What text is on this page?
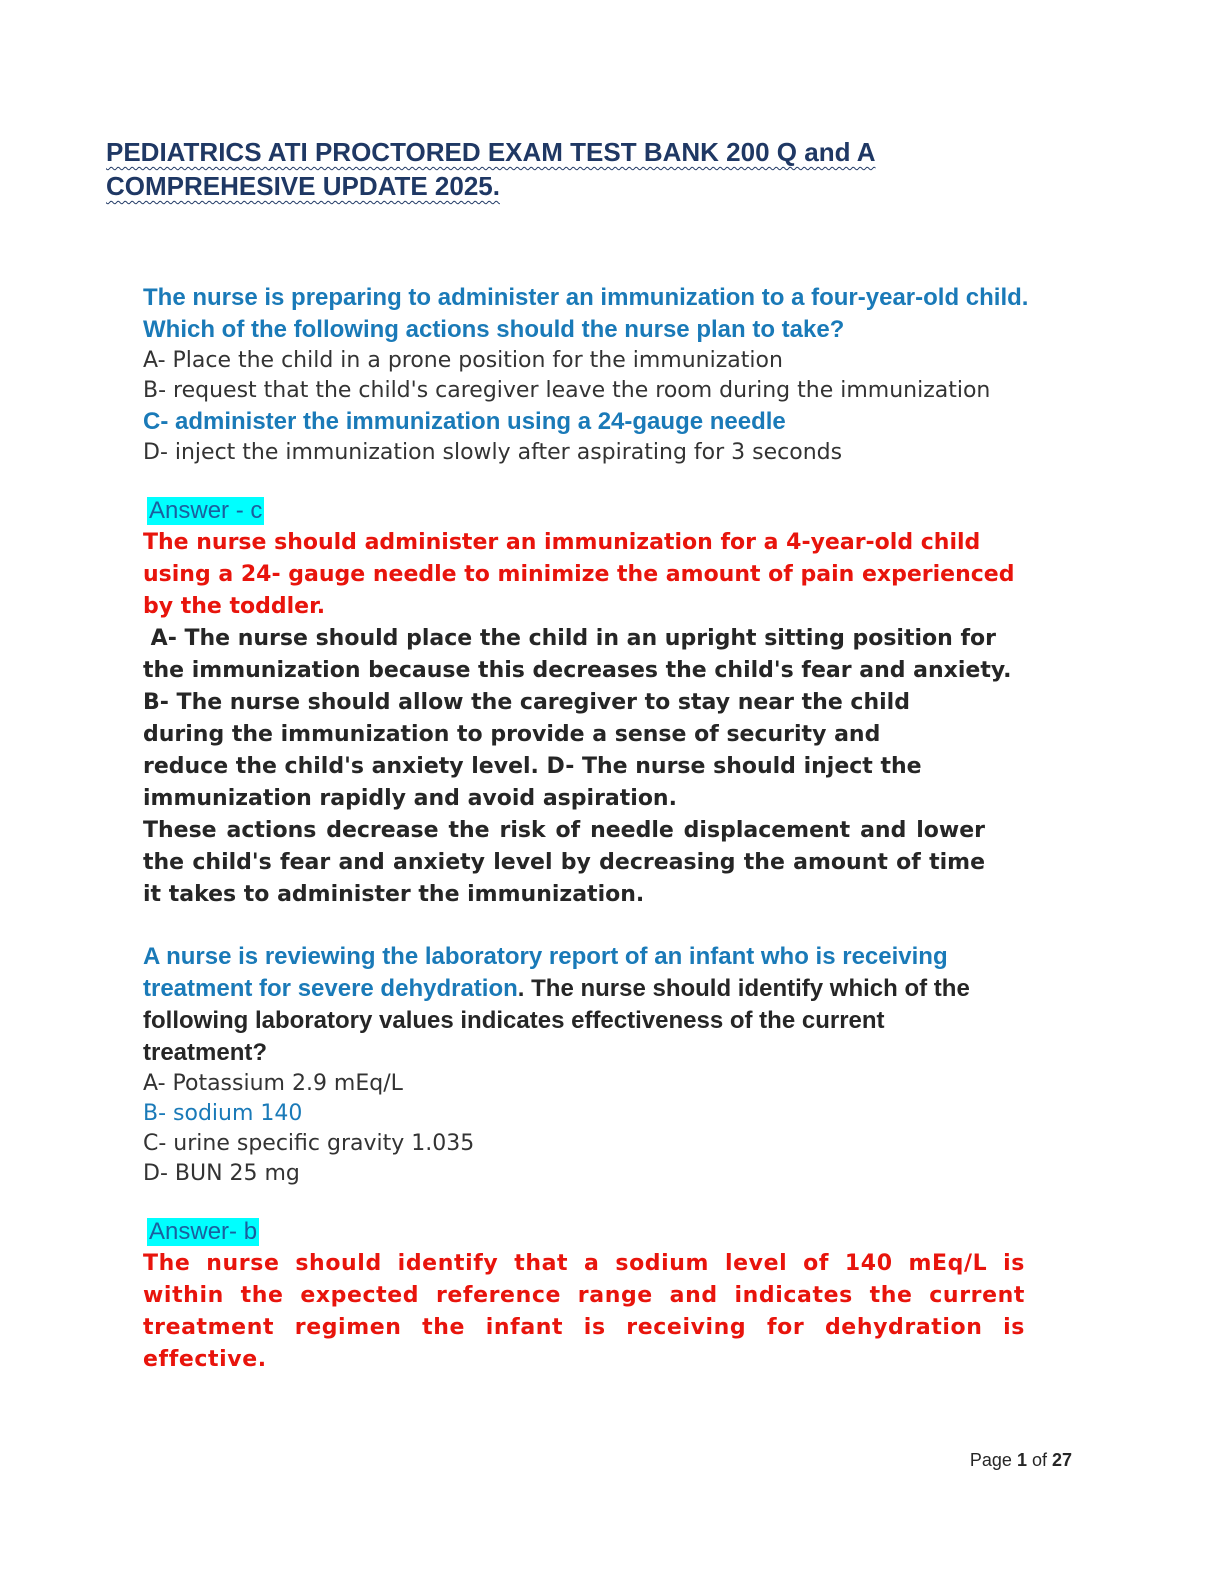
PEDIATRICS ATI PROCTORED EXAM TEST BANK 200 Q and A
COMPREHESIVE UPDATE 2025.
The nurse is preparing to administer an immunization to a four-year-old child. Which of the following actions should the nurse plan to take?
A- Place the child in a prone position for the immunization
B- request that the child's caregiver leave the room during the immunization
C- administer the immunization using a 24-gauge needle
D- inject the immunization slowly after aspirating for 3 seconds
Answer - c
The nurse should administer an immunization for a 4-year-old child using a 24- gauge needle to minimize the amount of pain experienced by the toddler.
A- The nurse should place the child in an upright sitting position for the immunization because this decreases the child's fear and anxiety.
B- The nurse should allow the caregiver to stay near the child during the immunization to provide a sense of security and reduce the child's anxiety level. D- The nurse should inject the immunization rapidly and avoid aspiration.
These actions decrease the risk of needle displacement and lower the child's fear and anxiety level by decreasing the amount of time it takes to administer the immunization.
A nurse is reviewing the laboratory report of an infant who is receiving treatment for severe dehydration. The nurse should identify which of the following laboratory values indicates effectiveness of the current treatment?
A- Potassium 2.9 mEq/L
B- sodium 140
C- urine specific gravity 1.035
D- BUN 25 mg
Answer- b
The nurse should identify that a sodium level of 140 mEq/L is within the expected reference range and indicates the current treatment regimen the infant is receiving for dehydration is effective.
Page 1 of 27
